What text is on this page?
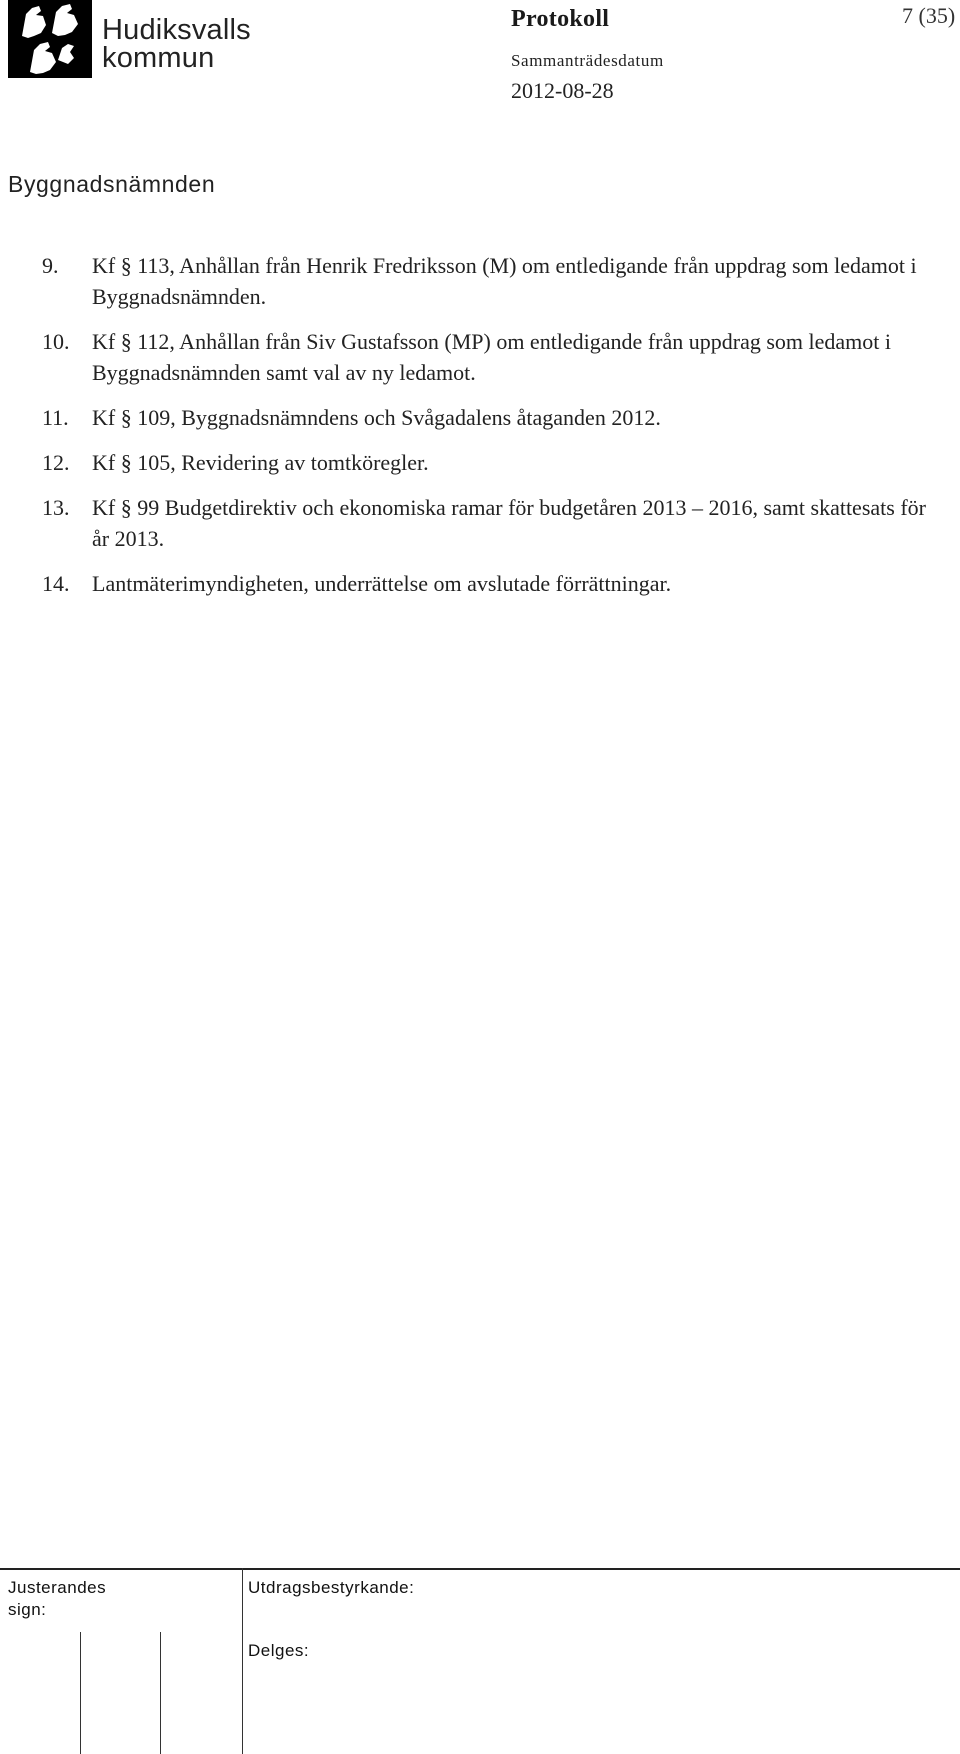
Hudiksvalls
kommun
Protokoll	7 (35)
Sammanträdesdatum
2012-08-28
Byggnadsnämnden
9.	Kf § 113, Anhållan från Henrik Fredriksson (M) om entledigande från uppdrag som ledamot i Byggnadsnämnden.
10.	Kf § 112, Anhållan från Siv Gustafsson (MP) om entledigande från uppdrag som ledamot i Byggnadsnämnden samt val av ny ledamot.
11.	Kf § 109, Byggnadsnämndens och Svågadalens åtaganden 2012.
12.	Kf § 105, Revidering av tomtköregler.
13.	Kf § 99 Budgetdirektiv och ekonomiska ramar för budgetåren 2013 – 2016, samt skattesats för år 2013.
14.	Lantmäterimyndigheten, underrättelse om avslutade förrättningar.
Justerandes
sign:
Utdragsbestyrkande:
Delges:
